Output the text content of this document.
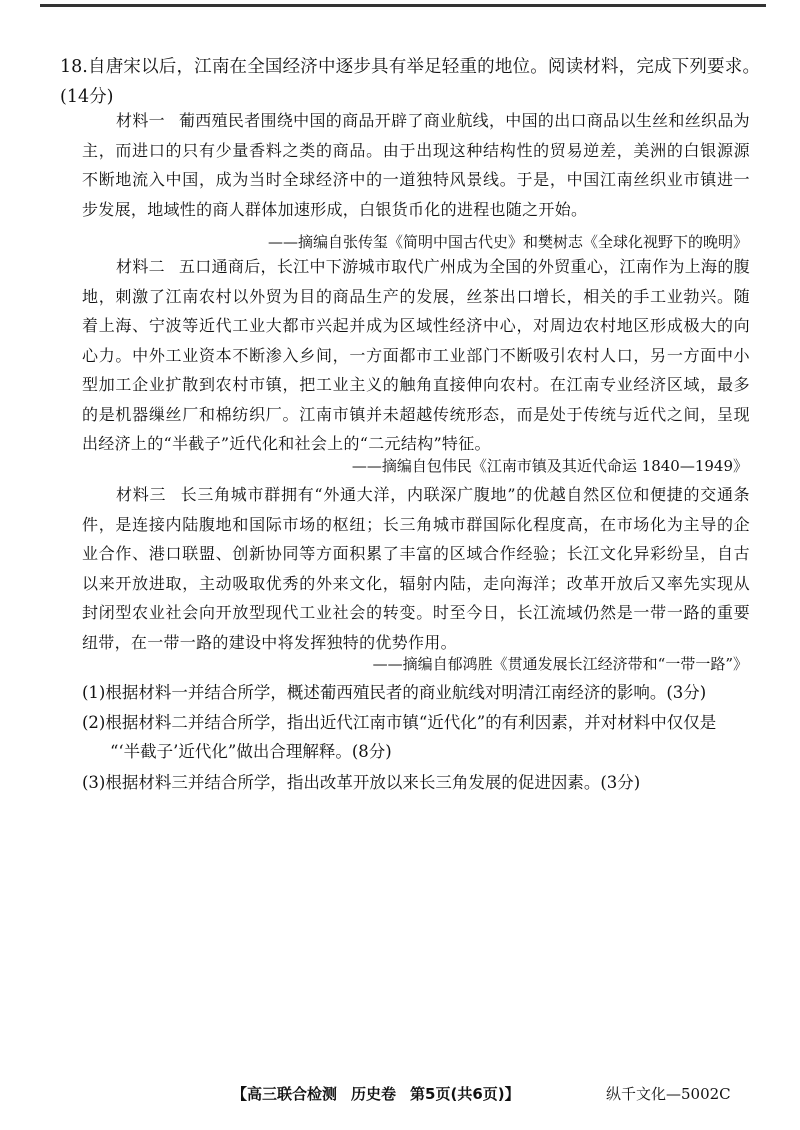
18.自唐宋以后，江南在全国经济中逐步具有举足轻重的地位。阅读材料，完成下列要求。(14分)
材料一 葡西殖民者围绕中国的商品开辟了商业航线，中国的出口商品以生丝和丝织品为主，而进口的只有少量香料之类的商品。由于出现这种结构性的贸易逆差，美洲的白银源源不断地流入中国，成为当时全球经济中的一道独特风景线。于是，中国江南丝织业市镇进一步发展，地域性的商人群体加速形成，白银货币化的进程也随之开始。
——摘编自张传玺《简明中国古代史》和樊树志《全球化视野下的晚明》
材料二 五口通商后，长江中下游城市取代广州成为全国的外贸重心，江南作为上海的腹地，刺激了江南农村以外贸为目的商品生产的发展，丝茶出口增长，相关的手工业勃兴。随着上海、宁波等近代工业大都市兴起并成为区域性经济中心，对周边农村地区形成极大的向心力。中外工业资本不断渗入乡间，一方面都市工业部门不断吸引农村人口，另一方面中小型加工企业扩散到农村市镇，把工业主义的触角直接伸向农村。在江南专业经济区域，最多的是机器缫丝厂和棉纺织厂。江南市镇并未超越传统形态，而是处于传统与近代之间，呈现出经济上的“半截子”近代化和社会上的“二元结构”特征。
——摘编自包伟民《江南市镇及其近代命运 1840—1949》
材料三 长三角城市群拥有“外通大洋，内联深广腹地”的优越自然区位和便捷的交通条件，是连接内陆腹地和国际市场的枢纽；长三角城市群国际化程度高，在市场化为主导的企业合作、港口联盟、创新协同等方面积累了丰富的区域合作经验；长江文化异彩纷呈，自古以来开放进取，主动吸取优秀的外来文化，辐射内陆，走向海洋；改革开放后又率先实现从封闭型农业社会向开放型现代工业社会的转变。时至今日，长江流域仍然是一带一路的重要纽带，在一带一路的建设中将发挥独特的优势作用。
——摘编自郁鸿胜《贯通发展长江经济带和“一带一路”》
(1)根据材料一并结合所学，概述葡西殖民者的商业航线对明清江南经济的影响。(3分)
(2)根据材料二并结合所学，指出近代江南市镇“近代化”的有利因素，并对材料中仅仅是
“‘半截子’近代化”做出合理解释。(8分)
(3)根据材料三并结合所学，指出改革开放以来长三角发展的促进因素。(3分)
【高三联合检测 历史卷 第5页(共6页)】	纵千文化—5002C
